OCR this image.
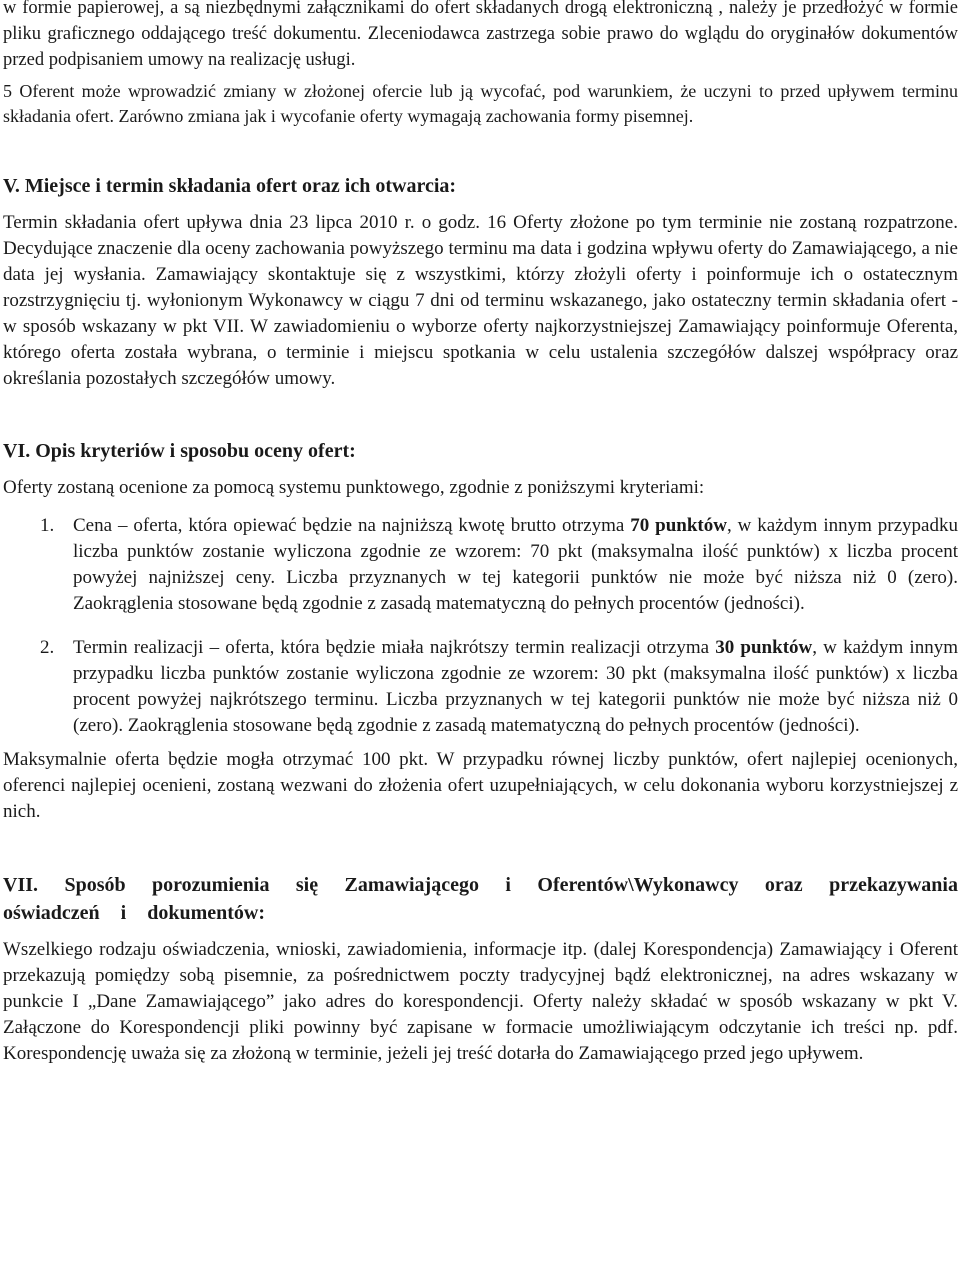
w formie papierowej, a są niezbędnymi załącznikami do ofert składanych drogą elektroniczną , należy je przedłożyć w formie pliku graficznego oddającego treść dokumentu. Zleceniodawca zastrzega sobie prawo do wglądu do oryginałów dokumentów przed podpisaniem umowy na realizację usługi.

5 Oferent może wprowadzić zmiany w złożonej ofercie lub ją wycofać, pod warunkiem, że uczyni to przed upływem terminu składania ofert. Zarówno zmiana jak i wycofanie oferty wymagają zachowania formy pisemnej.

V. Miejsce i termin składania ofert oraz ich otwarcia:

Termin składania ofert upływa dnia 23 lipca 2010 r. o godz. 16 Oferty złożone po tym terminie nie zostaną rozpatrzone. Decydujące znaczenie dla oceny zachowania powyższego terminu ma data i godzina wpływu oferty do Zamawiającego, a nie data jej wysłania. Zamawiający skontaktuje się z wszystkimi, którzy złożyli oferty i poinformuje ich o ostatecznym rozstrzygnięciu tj. wyłonionym Wykonawcy w ciągu 7 dni od terminu wskazanego, jako ostateczny termin składania ofert - w sposób wskazany w pkt VII. W zawiadomieniu o wyborze oferty najkorzystniejszej Zamawiający poinformuje Oferenta, którego oferta została wybrana, o terminie i miejscu spotkania w celu ustalenia szczegółów dalszej współpracy oraz określania pozostałych szczegółów umowy.

VI. Opis kryteriów i sposobu oceny ofert:

Oferty zostaną ocenione za pomocą systemu punktowego, zgodnie z poniższymi kryteriami:

1. Cena – oferta, która opiewać będzie na najniższą kwotę brutto otrzyma 70 punktów, w każdym innym przypadku liczba punktów zostanie wyliczona zgodnie ze wzorem: 70 pkt (maksymalna ilość punktów) x liczba procent powyżej najniższej ceny. Liczba przyznanych w tej kategorii punktów nie może być niższa niż 0 (zero). Zaokrąglenia stosowane będą zgodnie z zasadą matematyczną do pełnych procentów (jedności).
2. Termin realizacji – oferta, która będzie miała najkrótszy termin realizacji otrzyma 30 punktów, w każdym innym przypadku liczba punktów zostanie wyliczona zgodnie ze wzorem: 30 pkt (maksymalna ilość punktów) x liczba procent powyżej najkrótszego terminu. Liczba przyznanych w tej kategorii punktów nie może być niższa niż 0 (zero). Zaokrąglenia stosowane będą zgodnie z zasadą matematyczną do pełnych procentów (jedności).

Maksymalnie oferta będzie mogła otrzymać 100 pkt. W przypadku równej liczby punktów, ofert najlepiej ocenionych, oferenci najlepiej ocenieni, zostaną wezwani do złożenia ofert uzupełniających, w celu dokonania wyboru korzystniejszej z nich.

VII. Sposób porozumienia się Zamawiającego i Oferentów\Wykonawcy oraz przekazywania oświadczeń i dokumentów:

Wszelkiego rodzaju oświadczenia, wnioski, zawiadomienia, informacje itp. (dalej Korespondencja) Zamawiający i Oferent przekazują pomiędzy sobą pisemnie, za pośrednictwem poczty tradycyjnej bądź elektronicznej, na adres wskazany w punkcie I „Dane Zamawiającego” jako adres do korespondencji. Oferty należy składać w sposób wskazany w pkt V. Załączone do Korespondencji pliki powinny być zapisane w formacie umożliwiającym odczytanie ich treści np. pdf. Korespondencję uważa się za złożoną w terminie, jeżeli jej treść dotarła do Zamawiającego przed jego upływem.
